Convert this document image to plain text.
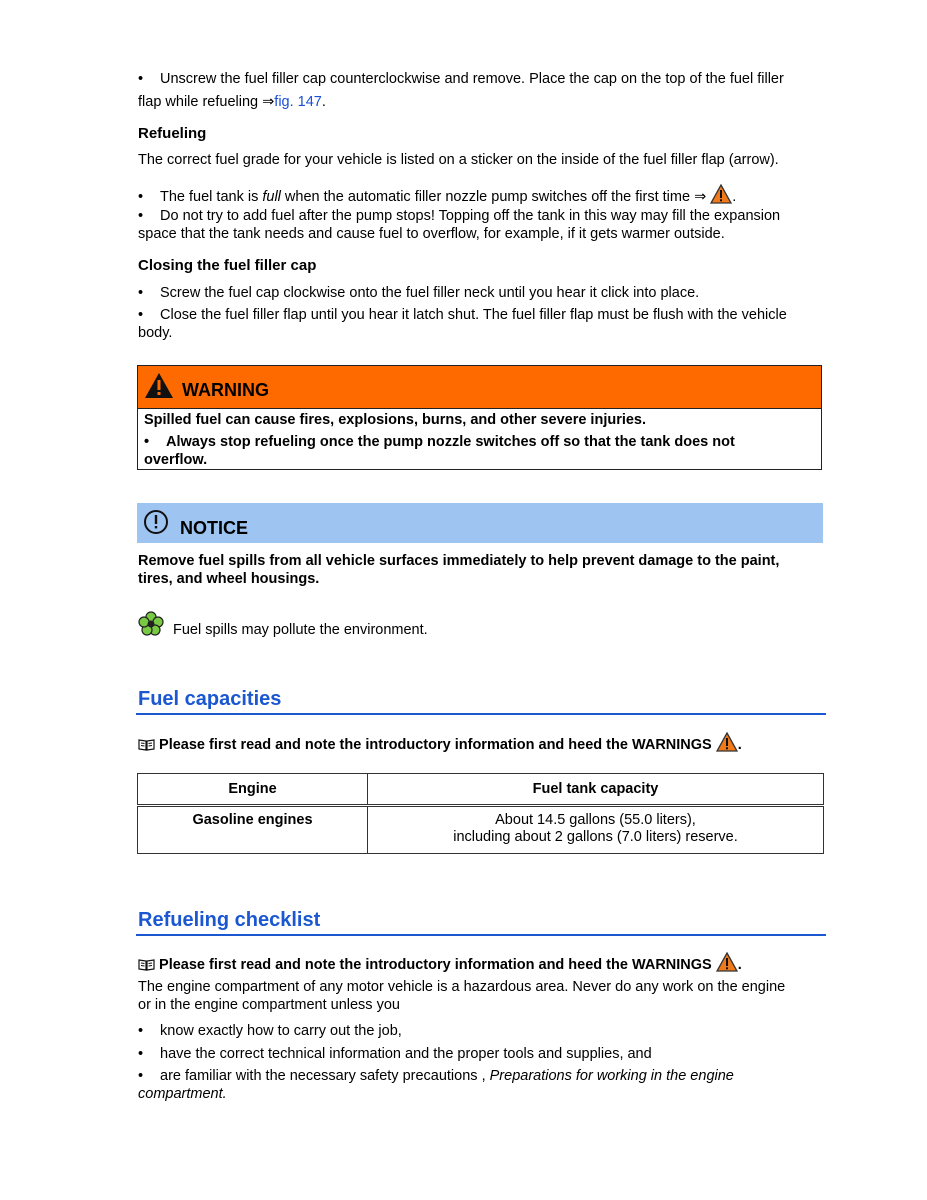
• Unscrew the fuel filler cap counterclockwise and remove. Place the cap on the top of the fuel filler
flap while refueling ⇒fig. 147.
Refueling
The correct fuel grade for your vehicle is listed on a sticker on the inside of the fuel filler flap (arrow).
• The fuel tank is full when the automatic filler nozzle pump switches off the first time ⇒ .
• Do not try to add fuel after the pump stops! Topping off the tank in this way may fill the expansion
space that the tank needs and cause fuel to overflow, for example, if it gets warmer outside.
Closing the fuel filler cap
• Screw the fuel cap clockwise onto the fuel filler neck until you hear it click into place.
• Close the fuel filler flap until you hear it latch shut. The fuel filler flap must be flush with the vehicle
body.
WARNING
Spilled fuel can cause fires, explosions, burns, and other severe injuries.
• Always stop refueling once the pump nozzle switches off so that the tank does not
overflow.
NOTICE
Remove fuel spills from all vehicle surfaces immediately to help prevent damage to the paint,
tires, and wheel housings.
Fuel spills may pollute the environment.
Fuel capacities
Please first read and note the introductory information and heed the WARNINGS .
Engine	Fuel tank capacity
Gasoline engines	About 14.5 gallons (55.0 liters),
including about 2 gallons (7.0 liters) reserve.
Refueling checklist
Please first read and note the introductory information and heed the WARNINGS .
The engine compartment of any motor vehicle is a hazardous area. Never do any work on the engine
or in the engine compartment unless you
• know exactly how to carry out the job,
• have the correct technical information and the proper tools and supplies, and
• are familiar with the necessary safety precautions , Preparations for working in the engine
compartment.
